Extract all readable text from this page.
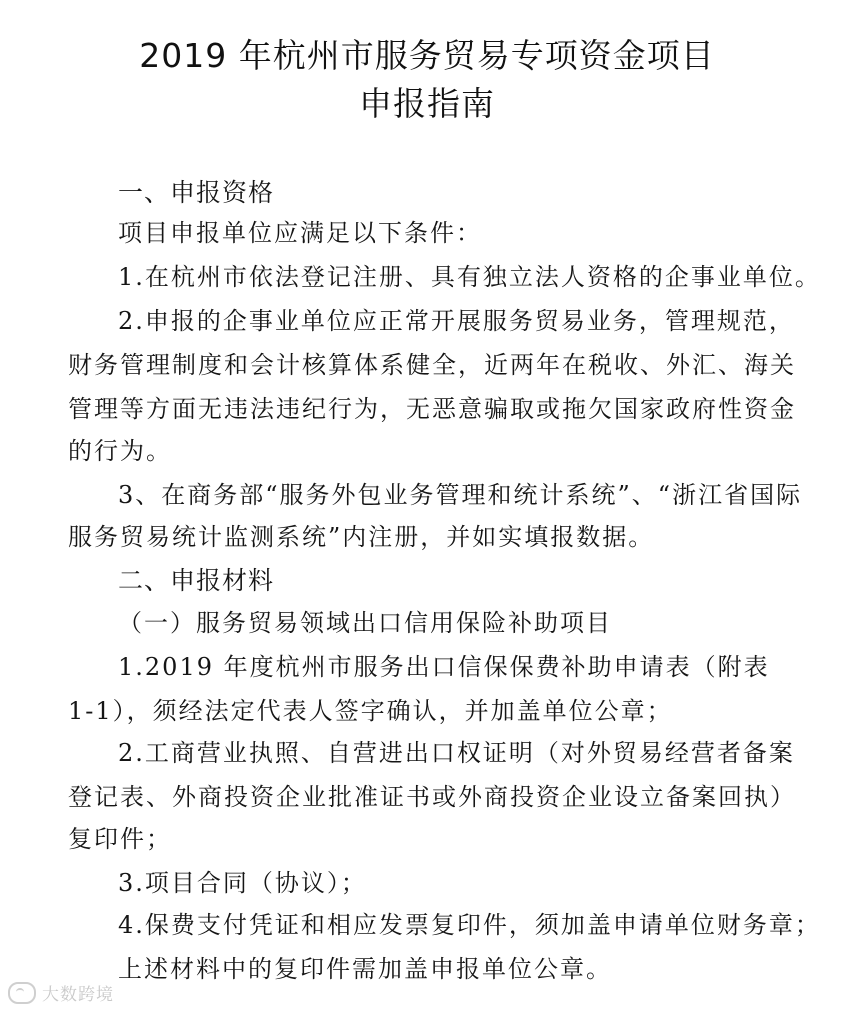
2019 年杭州市服务贸易专项资金项目
申报指南
一、申报资格
项目申报单位应满足以下条件：
1.在杭州市依法登记注册、具有独立法人资格的企事业单位。
2.申报的企事业单位应正常开展服务贸易业务，管理规范，
财务管理制度和会计核算体系健全，近两年在税收、外汇、海关
管理等方面无违法违纪行为，无恶意骗取或拖欠国家政府性资金
的行为。
3、在商务部“服务外包业务管理和统计系统”、“浙江省国际
服务贸易统计监测系统”内注册，并如实填报数据。
二、申报材料
（一）服务贸易领域出口信用保险补助项目
1.2019 年度杭州市服务出口信保保费补助申请表（附表
1-1），须经法定代表人签字确认，并加盖单位公章；
2.工商营业执照、自营进出口权证明（对外贸易经营者备案
登记表、外商投资企业批准证书或外商投资企业设立备案回执）
复印件；
3.项目合同（协议）；
4.保费支付凭证和相应发票复印件，须加盖申请单位财务章；
上述材料中的复印件需加盖申报单位公章。
大数跨境
